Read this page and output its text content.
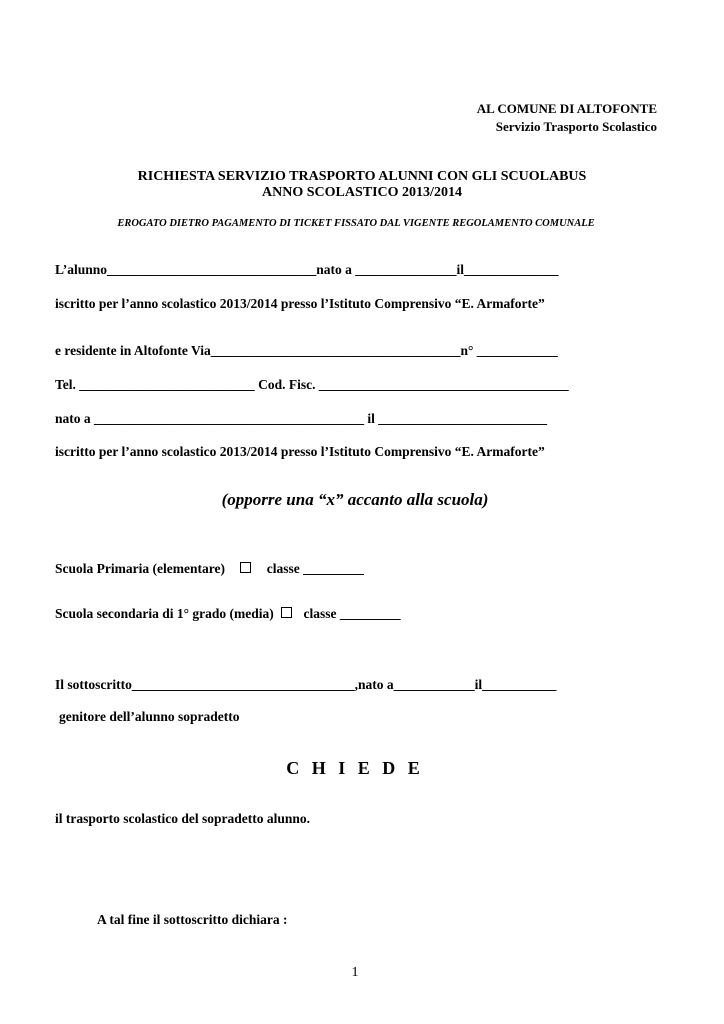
AL COMUNE DI ALTOFONTE
Servizio Trasporto Scolastico
RICHIESTA SERVIZIO TRASPORTO ALUNNI CON GLI SCUOLABUS
ANNO SCOLASTICO 2013/2014
EROGATO DIETRO PAGAMENTO DI TICKET FISSATO DAL VIGENTE REGOLAMENTO COMUNALE
L’alunno_______________________________nato a _______________il______________
iscritto per l’anno scolastico 2013/2014 presso l’Istituto Comprensivo “E. Armaforte”
e residente in Altofonte Via_____________________________________n° ____________
Tel. __________________________ Cod. Fisc. _____________________________________
nato a ________________________________________ il _________________________
iscritto per l’anno scolastico 2013/2014 presso l’Istituto Comprensivo “E. Armaforte”
(opporre una “x” accanto alla scuola)
Scuola Primaria (elementare)	classe _________
Scuola secondaria di 1° grado (media) classe _________
Il sottoscritto_________________________________,nato a____________il___________
genitore dell’alunno sopradetto
C H I E D E
il trasporto scolastico del sopradetto alunno.
A tal fine il sottoscritto dichiara :
1
